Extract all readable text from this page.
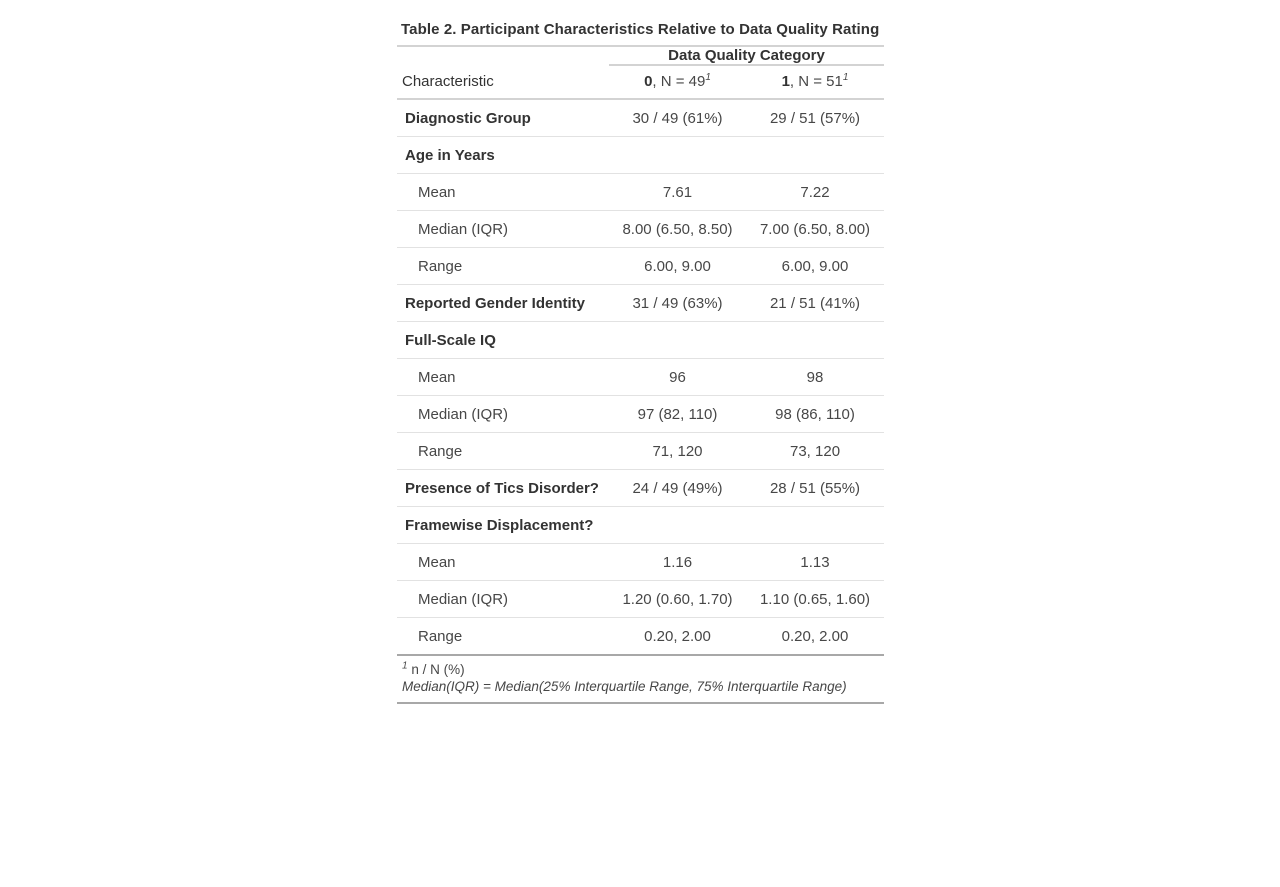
Table 2. Participant Characteristics Relative to Data Quality Rating		
	Data Quality Category	
Characteristic	0, N = 49$^1$	1, N = 51$^1$
Diagnostic Group	30 / 49 (61%)	29 / 51 (57%)
Age in Years		
Mean	7.61	7.22
Median (IQR)	8.00 (6.50, 8.50)	7.00 (6.50, 8.00)
Range	6.00, 9.00	6.00, 9.00
Reported Gender Identity	31 / 49 (63%)	21 / 51 (41%)
Full-Scale IQ		
Mean	96	98
Median (IQR)	97 (82, 110)	98 (86, 110)
Range	71, 120	73, 120
Presence of Tics Disorder?	24 / 49 (49%)	28 / 51 (55%)
Framewise Displacement?		
Mean	1.16	1.13
Median (IQR)	1.20 (0.60, 1.70)	1.10 (0.65, 1.60)
Range	0.20, 2.00	0.20, 2.00
$^1$ n / N (%)		
Median(IQR) = Median(25% Interquartile Range, 75% Interquartile Range)		
